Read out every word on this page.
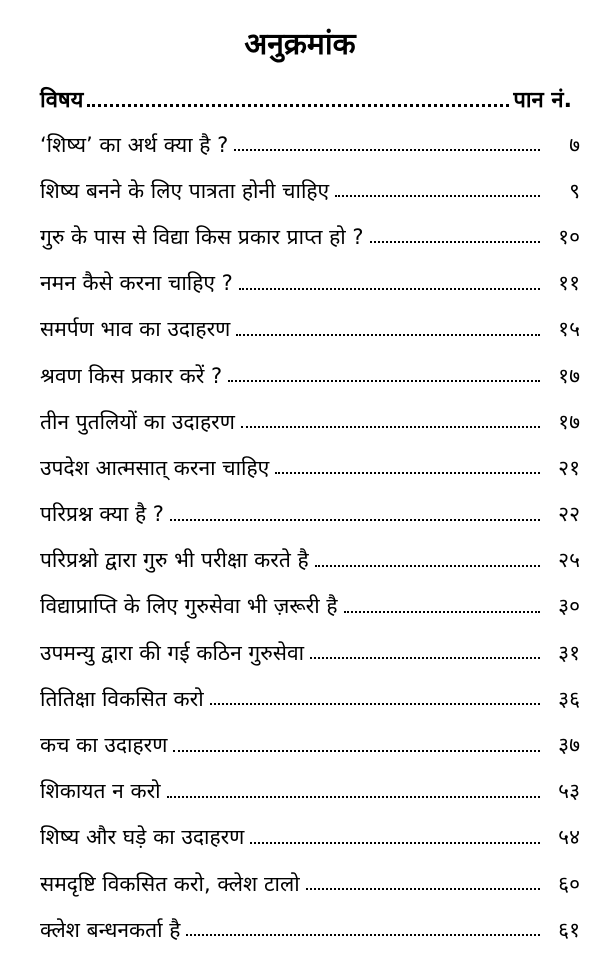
अनुक्रमांक
विषय	पान नं.
‘शिष्य’ का अर्थ क्या है ?	७
शिष्य बनने के लिए पात्रता होनी चाहिए	९
गुरु के पास से विद्या किस प्रकार प्राप्त हो ?	१०
नमन कैसे करना चाहिए ?	११
समर्पण भाव का उदाहरण	१५
श्रवण किस प्रकार करें ?	१७
तीन पुतलियों का उदाहरण	१७
उपदेश आत्मसात् करना चाहिए	२१
परिप्रश्न क्या है ?	२२
परिप्रश्नो द्वारा गुरु भी परीक्षा करते है	२५
विद्याप्राप्ति के लिए गुरुसेवा भी ज़रूरी है	३०
उपमन्यु द्वारा की गई कठिन गुरुसेवा	३१
तितिक्षा विकसित करो	३६
कच का उदाहरण	३७
शिकायत न करो	५३
शिष्य और घड़े का उदाहरण	५४
समदृष्टि विकसित करो, क्लेश टालो	६०
क्लेश बन्धनकर्ता है	६१
